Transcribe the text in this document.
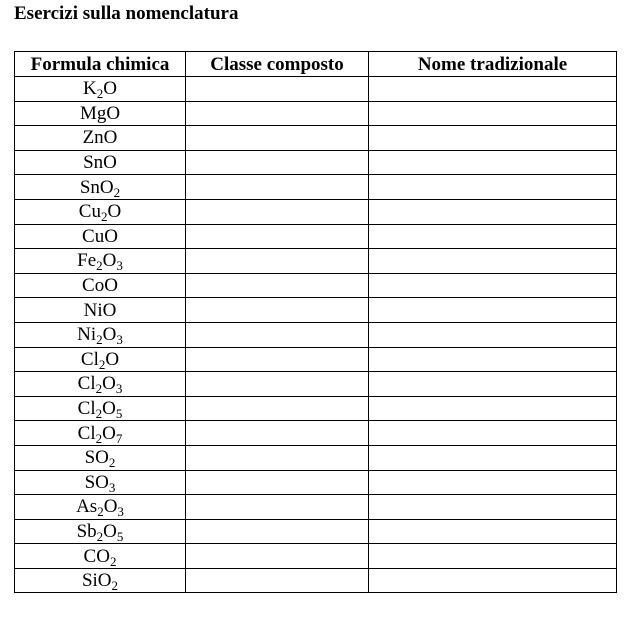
Esercizi sulla nomenclatura
Formula chimica	Classe composto	Nome tradizionale
$K_2O$		
MgO		
ZnO		
SnO		
SnO$_2$		
$Cu_2O$		
CuO		
$Fe_2O_3$		
CoO		
NiO		
$Ni_2O_3$		
$Cl_2O$		
$Cl_2O_3$		
$Cl_2O_5$		
$Cl_2O_7$		
$SO_2$		
$SO_3$		
$As_2O_3$		
$Sb_2O_5$		
$CO_2$		
SiO$_2$		
